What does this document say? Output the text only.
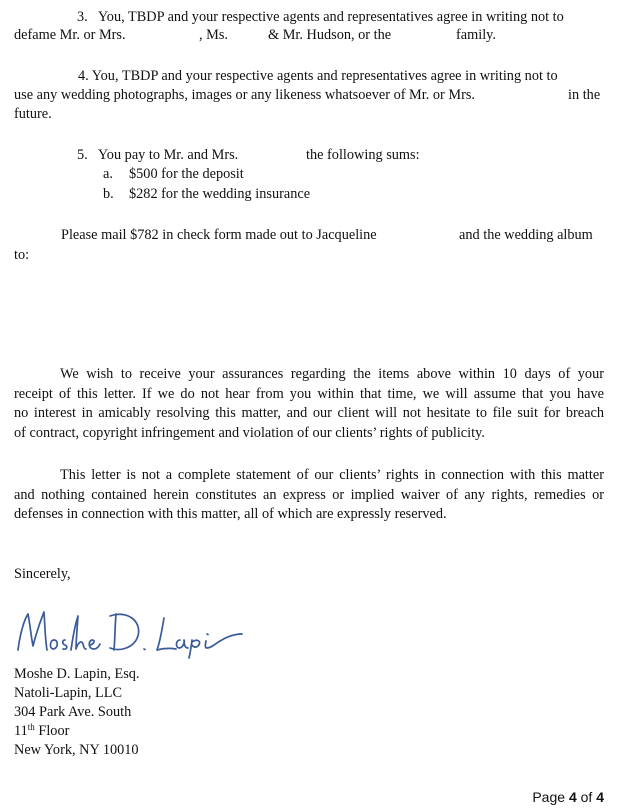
3.   You, TBDP and your respective agents and representatives agree in writing not to
defame Mr. or Mrs.	, Ms.	& Mr. Hudson, or the	family.
4. You, TBDP and your respective agents and representatives agree in writing not to
use any wedding photographs, images or any likeness whatsoever of Mr. or Mrs.	in the
future.
5.   You pay to Mr. and Mrs.	the following sums:
a. $500 for the deposit
b. $282 for the wedding insurance
Please mail $782 in check form made out to Jacqueline	and the wedding album
to:
We wish to receive your assurances regarding the items above within 10 days of your
receipt of this letter. If we do not hear from you within that time, we will assume that you have
no interest in amicably resolving this matter, and our client will not hesitate to file suit for breach
of contract, copyright infringement and violation of our clients’ rights of publicity.
This letter is not a complete statement of our clients’ rights in connection with this matter
and nothing contained herein constitutes an express or implied waiver of any rights, remedies or
defenses in connection with this matter, all of which are expressly reserved.
Sincerely,
Moshe D. Lapin, Esq.
Natoli-Lapin, LLC
304 Park Ave. South
11th Floor
New York, NY 10010
Page 4 of 4
